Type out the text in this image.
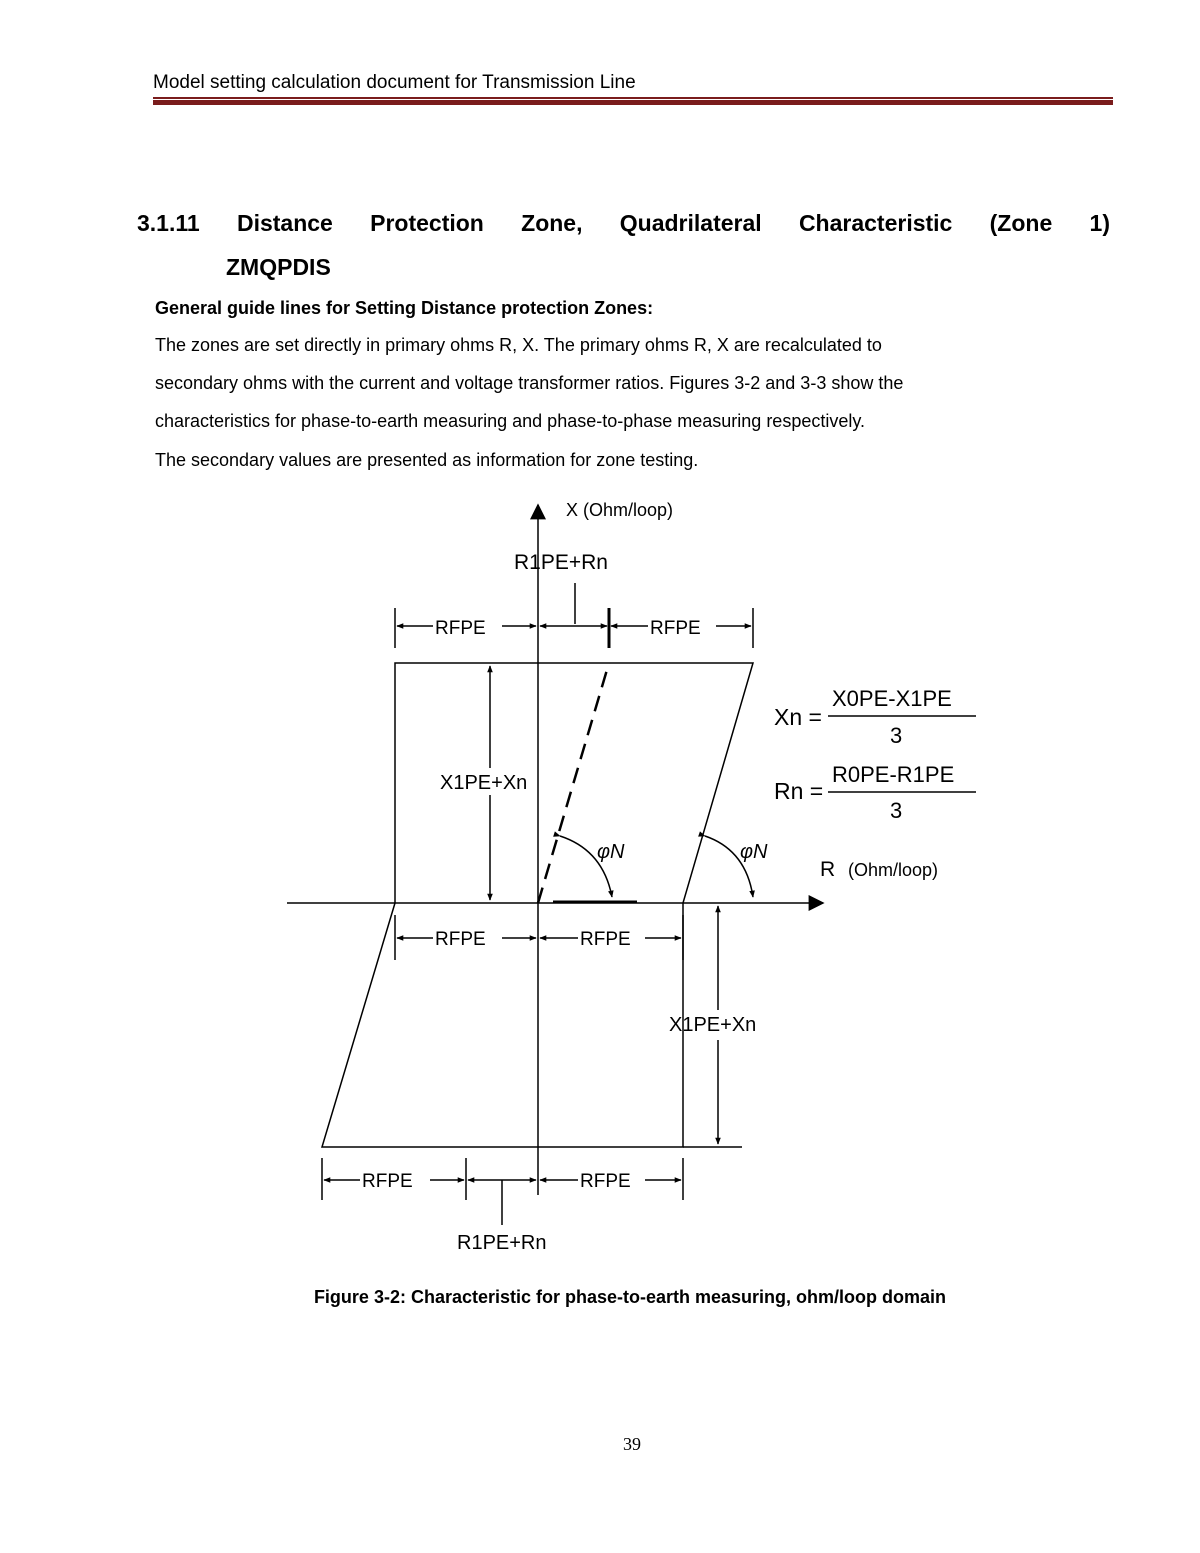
Model setting calculation document for Transmission Line
3.1.11 Distance Protection Zone, Quadrilateral Characteristic (Zone 1)
ZMQPDIS
General guide lines for Setting Distance protection Zones:
The zones are set directly in primary ohms R, X. The primary ohms R, X are recalculated to
secondary ohms with the current and voltage transformer ratios. Figures 3-2 and 3-3 show the
characteristics for phase-to-earth measuring and phase-to-phase measuring respectively.
The secondary values are presented as information for zone testing.
X (Ohm/loop)
R1PE+Rn
RFPE	RFPE
X1PE+Xn
φN	φN
R (Ohm/loop)
RFPE	RFPE
X1PE+Xn
RFPE	RFPE
R1PE+Rn
Xn =
X0PE-X1PE
3
Rn =
R0PE-R1PE
3
Figure 3-2: Characteristic for phase-to-earth measuring, ohm/loop domain
39
